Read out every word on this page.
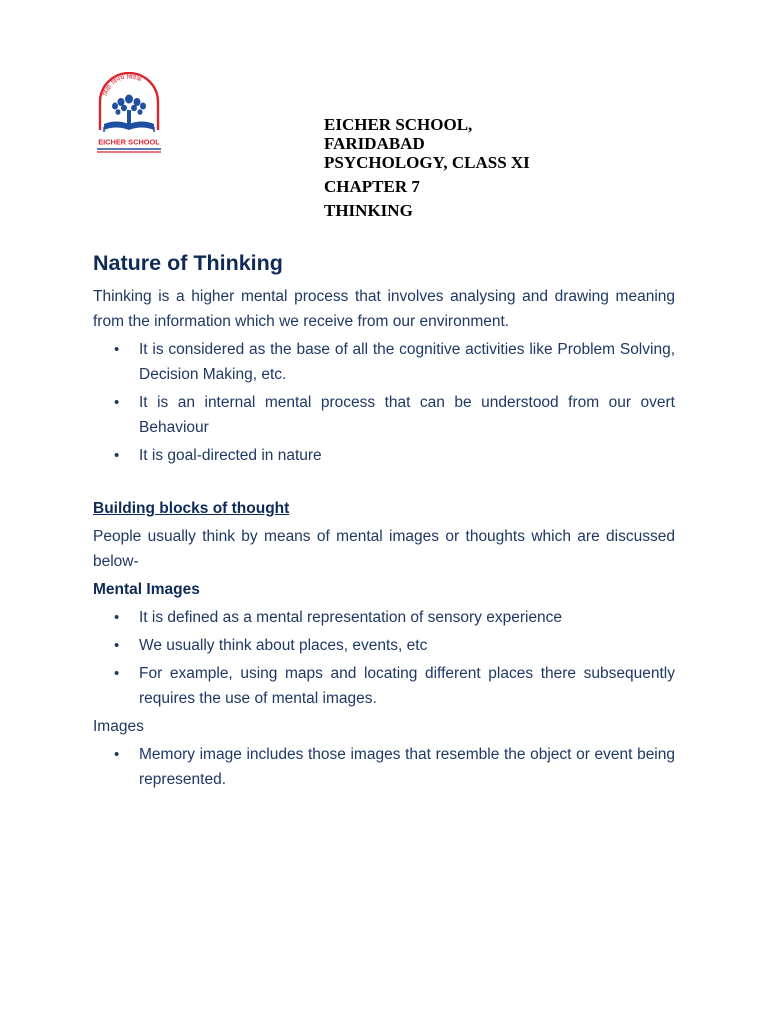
विद्या विनय विवेक
EICHER SCHOOL
EICHER SCHOOL,
FARIDABAD
PSYCHOLOGY, CLASS XI
CHAPTER 7
THINKING
Nature of Thinking

Thinking is a higher mental process that involves analysing and drawing meaning from the information which we receive from our environment.

• It is considered as the base of all the cognitive activities like Problem Solving, Decision Making, etc.
• It is an internal mental process that can be understood from our overt Behaviour
• It is goal-directed in nature
Building blocks of thought

People usually think by means of mental images or thoughts which are discussed below-

Mental Images
• It is defined as a mental representation of sensory experience
• We usually think about places, events, etc
• For example, using maps and locating different places there subsequently requires the use of mental images.
Images
• Memory image includes those images that resemble the object or event being represented.
